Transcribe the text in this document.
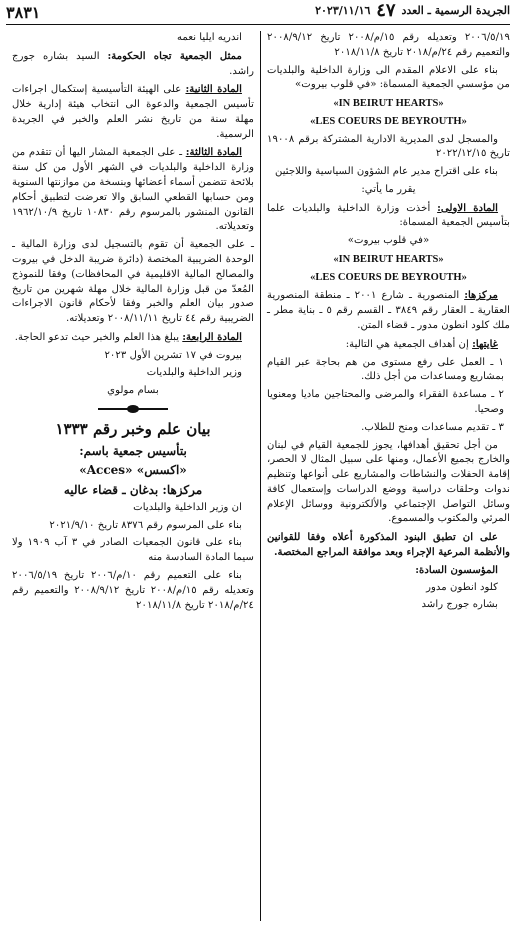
الجريدة الرسمية ـ العدد ٤٧ ٢٠٢٣/١١/١٦
٣٨٣١

٢٠٠٦/٥/١٩ وتعديله رقم ١٥/م/٢٠٠٨ تاريخ ٢٠٠٨/٩/١٢ والتعميم رقم ٢٤/م/٢٠١٨ تاريخ ٢٠١٨/١١/٨

بناء على الاعلام المقدم الى وزارة الداخلية والبلديات من مؤسسي الجمعية المسماة: «في قلوب بيروت»

«IN BEIRUT HEARTS»

«LES COEURS DE BEYROUTH»

والمسجل لدى المديرية الادارية المشتركة برقم ١٩٠٠٨ تاريخ ٢٠٢٢/١٢/١٥

بناء على اقتراح مدير عام الشؤون السياسية واللاجئين

يقرر ما يأتي:

المادة الاولى: أخذت وزارة الداخلية والبلديات علما بتأسيس الجمعية المسماة:

«في قلوب بيروت»

«IN BEIRUT HEARTS»

«LES COEURS DE BEYROUTH»

مركزها: المنصورية ـ شارع ٢٠٠١ ـ منطقة المنصورية العقارية ـ العقار رقم ٣٨٤٩ ـ القسم رقم ٥ ـ بناية مطر ـ ملك كلود انطون مدور ـ قضاء المتن.

غايتها: إن أهداف الجمعية هي التالية:

١ ـ العمل على رفع مستوى من هم بحاجة عبر القيام بمشاريع ومساعدات من أجل ذلك.

٢ ـ مساعدة الفقراء والمرضى والمحتاجين ماديا ومعنويا وصحيا.

٣ ـ تقديم مساعدات ومنح للطلاب.

من أجل تحقيق أهدافها، يجوز للجمعية القيام في لبنان والخارج بجميع الأعمال، ومنها على سبيل المثال لا الحصر، إقامة الحفلات والنشاطات والمشاريع على أنواعها وتنظيم ندوات وحلقات دراسية ووضع الدراسات وإستعمال كافة وسائل التواصل الإجتماعي والألكترونية ووسائل الإعلام المرئي والمكتوب والمسموع.

على ان تطبق البنود المذكورة أعلاه وفقا للقوانين والأنظمة المرعية الإجراء وبعد موافقة المراجع المختصة.

المؤسسون السادة:

كلود انطون مدور

بشاره جورج راشد

اندريه ايليا نعمه

ممثل الجمعية تجاه الحكومة: السيد بشاره جورج راشد.

المادة الثانية: على الهيئة التأسيسية إستكمال اجراءات تأسيس الجمعية والدعوة الى انتخاب هيئة إدارية خلال مهلة سنة من تاريخ نشر العلم والخبر في الجريدة الرسمية.

المادة الثالثة: ـ على الجمعية المشار اليها أن تتقدم من وزارة الداخلية والبلديات في الشهر الأول من كل سنة بلائحة تتضمن أسماء أعضائها وبنسخة من موازنتها السنوية ومن حسابها القطعي السابق والا تعرضت لتطبيق أحكام القانون المنشور بالمرسوم رقم ١٠٨٣٠ تاريخ ١٩٦٢/١٠/٩ وتعديلاته.

ـ على الجمعية أن تقوم بالتسجيل لدى وزارة المالية ـ الوحدة الضريبية المختصة (دائرة ضريبة الدخل في بيروت والمصالح المالية الاقليمية في المحافظات) وفقا للنموذج المُعدّ من قبل وزارة المالية خلال مهلة شهرين من تاريخ صدور بيان العلم والخبر وفقا لأحكام قانون الاجراءات الضريبية رقم ٤٤ تاريخ ٢٠٠٨/١١/١١ وتعديلاته.

المادة الرابعة: يبلغ هذا العلم والخبر حيث تدعو الحاجة.

بيروت في ١٧ تشرين الأول ٢٠٢٣

وزير الداخلية والبلديات

بسام مولوي

بيان علم وخبر رقم ١٣٣٣
بتأسيس جمعية باسم:
«اكسس» «Acces»
مركزها: بدغان ـ قضاء عاليه

ان وزير الداخلية والبلديات

بناء على المرسوم رقم ٨٣٧٦ تاريخ ٢٠٢١/٩/١٠

بناء على قانون الجمعيات الصادر في ٣ آب ١٩٠٩ ولا سيما المادة السادسة منه

بناء على التعميم رقم ١٠/م/٢٠٠٦ تاريخ ٢٠٠٦/٥/١٩ وتعديله رقم ١٥/م/٢٠٠٨ تاريخ ٢٠٠٨/٩/١٢ والتعميم رقم ٢٤/م/٢٠١٨ تاريخ ٢٠١٨/١١/٨
